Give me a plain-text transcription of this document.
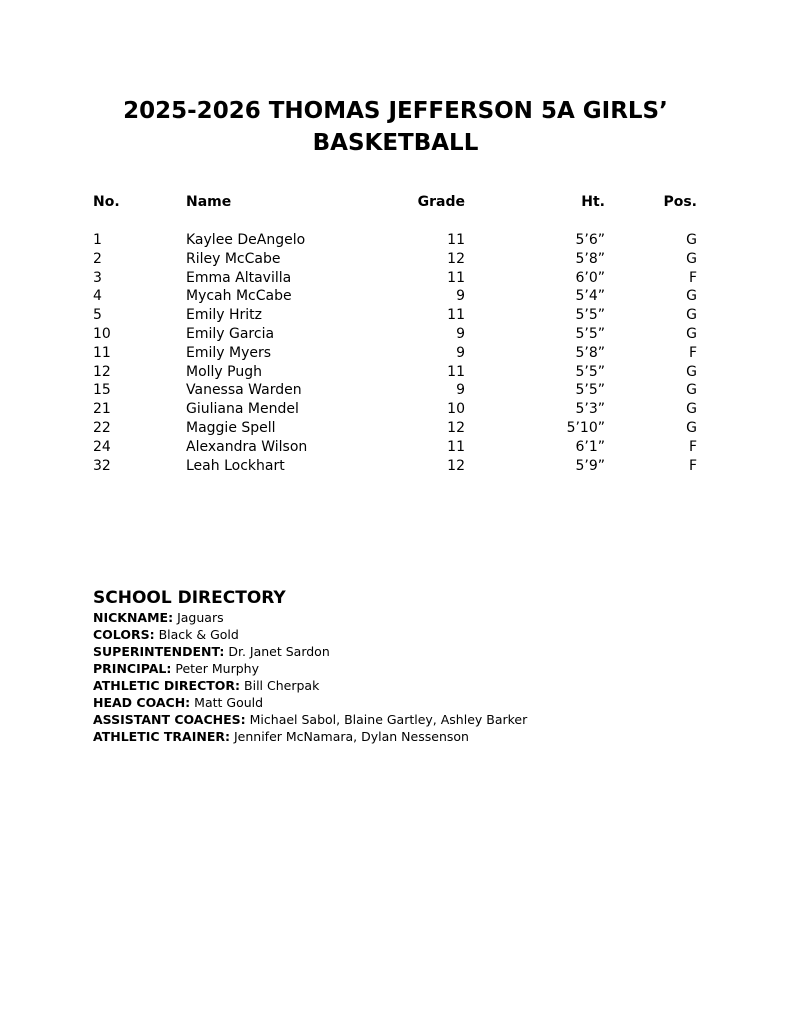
2025-2026 THOMAS JEFFERSON 5A GIRLS’
BASKETBALL
No.	Name	Grade	Ht.	Pos.
1	Kaylee DeAngelo	11	5’6”	G
2	Riley McCabe	12	5’8”	G
3	Emma Altavilla	11	6’0”	F
4	Mycah McCabe	9	5’4”	G
5	Emily Hritz	11	5’5”	G
10	Emily Garcia	9	5’5”	G
11	Emily Myers	9	5’8”	F
12	Molly Pugh	11	5’5”	G
15	Vanessa Warden	9	5’5”	G
21	Giuliana Mendel	10	5’3”	G
22	Maggie Spell	12	5’10”	G
24	Alexandra Wilson	11	6’1”	F
32	Leah Lockhart	12	5’9”	F
SCHOOL DIRECTORY
NICKNAME: Jaguars
COLORS: Black & Gold
SUPERINTENDENT: Dr. Janet Sardon
PRINCIPAL: Peter Murphy
ATHLETIC DIRECTOR: Bill Cherpak
HEAD COACH: Matt Gould
ASSISTANT COACHES: Michael Sabol, Blaine Gartley, Ashley Barker
ATHLETIC TRAINER: Jennifer McNamara, Dylan Nessenson
